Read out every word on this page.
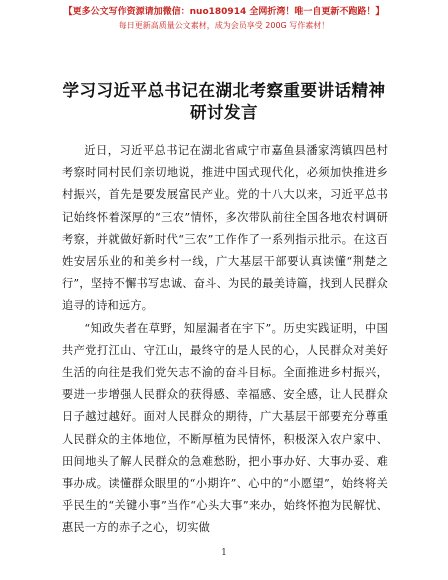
【更多公文写作资源请加微信：nuo180914 全网折湾！唯一自更新不跑路！】
每日更新高质量公文素材，成为会员享受 200G 写作素材！
学习习近平总书记在湖北考察重要讲话精神研讨发言

近日，习近平总书记在湖北省咸宁市嘉鱼县潘家湾镇四邑村考察时同村民们亲切地说，推进中国式现代化，必须加快推进乡村振兴，首先是要发展富民产业。党的十八大以来，习近平总书记始终怀着深厚的“三农”情怀，多次带队前往全国各地农村调研考察，并就做好新时代“三农”工作作了一系列指示批示。在这百姓安居乐业的和美乡村一线，广大基层干部要认真读懂“荆楚之行”，坚持不懈书写忠诚、奋斗、为民的最美诗篇，找到人民群众追寻的诗和远方。

“知政失者在草野，知屋漏者在宇下”。历史实践证明，中国共产党打江山、守江山，最终守的是人民的心，人民群众对美好生活的向往是我们党矢志不渝的奋斗目标。全面推进乡村振兴，要进一步增强人民群众的获得感、幸福感、安全感，让人民群众日子越过越好。面对人民群众的期待，广大基层干部要充分尊重人民群众的主体地位，不断厚植为民情怀，积极深入农户家中、田间地头了解人民群众的急难愁盼，把小事办好、大事办妥、难事办成。读懂群众眼里的“小期许”、心中的“小愿望”，始终将关乎民生的“关键小事”当作“心头大事”来办，始终怀抱为民解忧、惠民一方的赤子之心，切实做

1
